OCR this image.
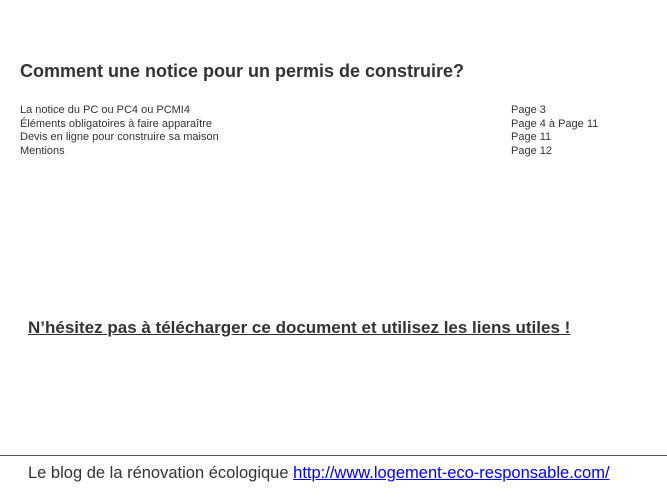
Comment une notice pour un permis de construire?
La notice du PC ou PC4 ou PCMI4	Page 3
Éléments obligatoires à faire apparaître	Page 4 à Page 11
Devis en ligne pour construire sa maison	Page 11
Mentions	Page 12

N’hésitez pas à télécharger ce document et utilisez les liens utiles !

Le blog de la rénovation écologique http://www.logement-eco-responsable.com/
